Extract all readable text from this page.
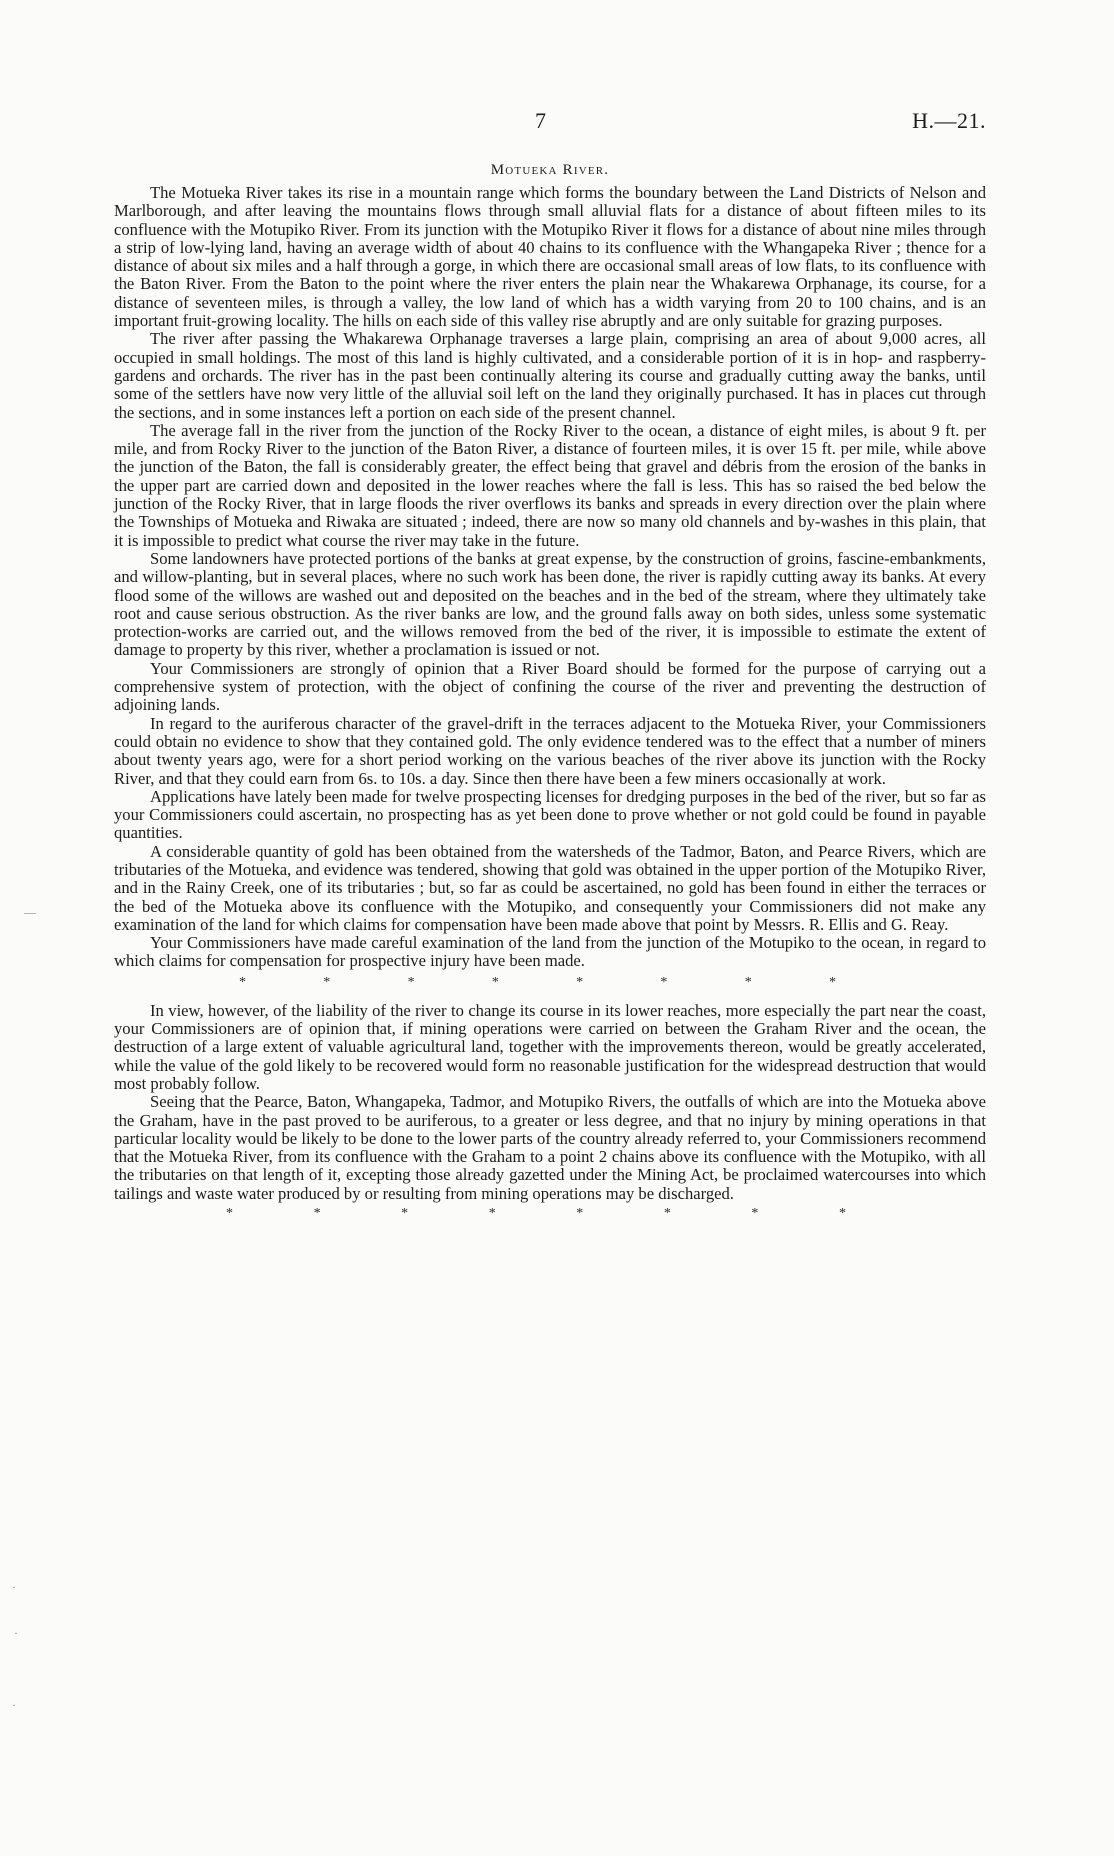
7	H.—21.
Motueka River.

The Motueka River takes its rise in a mountain range which forms the boundary between the Land Districts of Nelson and Marlborough, and after leaving the mountains flows through small alluvial flats for a distance of about fifteen miles to its confluence with the Motupiko River. From its junction with the Motupiko River it flows for a distance of about nine miles through a strip of low-lying land, having an average width of about 40 chains to its confluence with the Whangapeka River ; thence for a distance of about six miles and a half through a gorge, in which there are occasional small areas of low flats, to its confluence with the Baton River. From the Baton to the point where the river enters the plain near the Whakarewa Orphanage, its course, for a distance of seventeen miles, is through a valley, the low land of which has a width varying from 20 to 100 chains, and is an important fruit-growing locality. The hills on each side of this valley rise abruptly and are only suitable for grazing purposes.

The river after passing the Whakarewa Orphanage traverses a large plain, comprising an area of about 9,000 acres, all occupied in small holdings. The most of this land is highly cultivated, and a considerable portion of it is in hop- and raspberry-gardens and orchards. The river has in the past been continually altering its course and gradually cutting away the banks, until some of the settlers have now very little of the alluvial soil left on the land they originally purchased. It has in places cut through the sections, and in some instances left a portion on each side of the present channel.

The average fall in the river from the junction of the Rocky River to the ocean, a distance of eight miles, is about 9 ft. per mile, and from Rocky River to the junction of the Baton River, a distance of fourteen miles, it is over 15 ft. per mile, while above the junction of the Baton, the fall is considerably greater, the effect being that gravel and débris from the erosion of the banks in the upper part are carried down and deposited in the lower reaches where the fall is less. This has so raised the bed below the junction of the Rocky River, that in large floods the river overflows its banks and spreads in every direction over the plain where the Townships of Motueka and Riwaka are situated ; indeed, there are now so many old channels and by-washes in this plain, that it is impossible to predict what course the river may take in the future.

Some landowners have protected portions of the banks at great expense, by the construction of groins, fascine-embankments, and willow-planting, but in several places, where no such work has been done, the river is rapidly cutting away its banks. At every flood some of the willows are washed out and deposited on the beaches and in the bed of the stream, where they ultimately take root and cause serious obstruction. As the river banks are low, and the ground falls away on both sides, unless some systematic protection-works are carried out, and the willows removed from the bed of the river, it is impossible to estimate the extent of damage to property by this river, whether a proclamation is issued or not.

Your Commissioners are strongly of opinion that a River Board should be formed for the purpose of carrying out a comprehensive system of protection, with the object of confining the course of the river and preventing the destruction of adjoining lands.

In regard to the auriferous character of the gravel-drift in the terraces adjacent to the Motueka River, your Commissioners could obtain no evidence to show that they contained gold. The only evidence tendered was to the effect that a number of miners about twenty years ago, were for a short period working on the various beaches of the river above its junction with the Rocky River, and that they could earn from 6s. to 10s. a day. Since then there have been a few miners occasionally at work.

Applications have lately been made for twelve prospecting licenses for dredging purposes in the bed of the river, but so far as your Commissioners could ascertain, no prospecting has as yet been done to prove whether or not gold could be found in payable quantities.

A considerable quantity of gold has been obtained from the watersheds of the Tadmor, Baton, and Pearce Rivers, which are tributaries of the Motueka, and evidence was tendered, showing that gold was obtained in the upper portion of the Motupiko River, and in the Rainy Creek, one of its tributaries ; but, so far as could be ascertained, no gold has been found in either the terraces or the bed of the Motueka above its confluence with the Motupiko, and consequently your Commissioners did not make any examination of the land for which claims for compensation have been made above that point by Messrs. R. Ellis and G. Reay.

Your Commissioners have made careful examination of the land from the junction of the Motupiko to the ocean, in regard to which claims for compensation for prospective injury have been made.

*	*	*	*	*	*	*	*

In view, however, of the liability of the river to change its course in its lower reaches, more especially the part near the coast, your Commissioners are of opinion that, if mining operations were carried on between the Graham River and the ocean, the destruction of a large extent of valuable agricultural land, together with the improvements thereon, would be greatly accelerated, while the value of the gold likely to be recovered would form no reasonable justification for the widespread destruction that would most probably follow.

Seeing that the Pearce, Baton, Whangapeka, Tadmor, and Motupiko Rivers, the outfalls of which are into the Motueka above the Graham, have in the past proved to be auriferous, to a greater or less degree, and that no injury by mining operations in that particular locality would be likely to be done to the lower parts of the country already referred to, your Commissioners recommend that the Motueka River, from its confluence with the Graham to a point 2 chains above its confluence with the Motupiko, with all the tributaries on that length of it, excepting those already gazetted under the Mining Act, be proclaimed watercourses into which tailings and waste water produced by or resulting from mining operations may be discharged.

*	*	*	*	*	*	*	*
—
·
·
·
